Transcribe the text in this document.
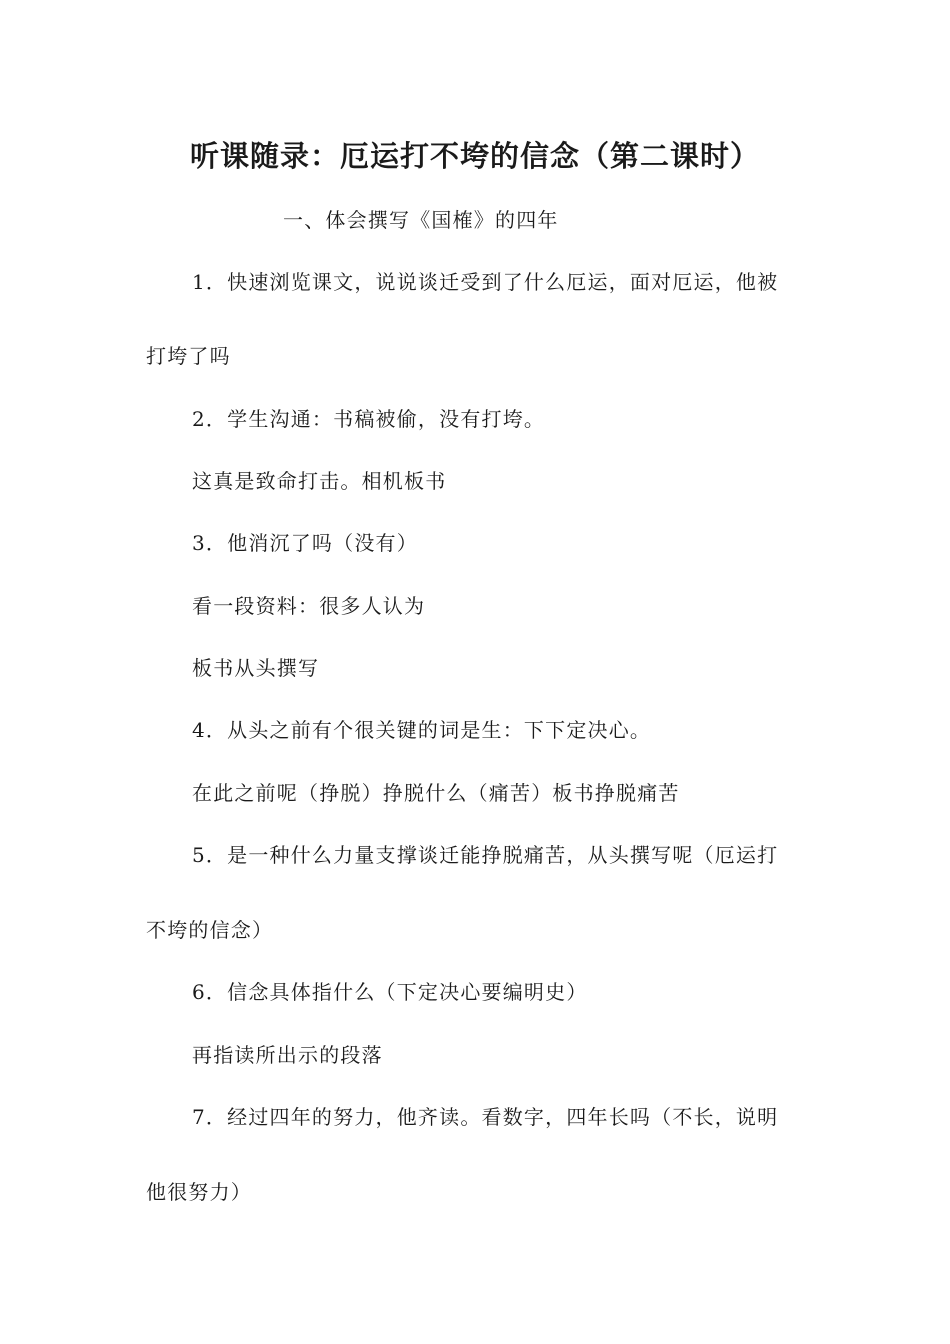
听课随录：厄运打不垮的信念（第二课时）
一、体会撰写《国榷》的四年
1．快速浏览课文，说说谈迁受到了什么厄运，面对厄运，他被
打垮了吗
2．学生沟通：书稿被偷，没有打垮。
这真是致命打击。相机板书
3．他消沉了吗（没有）
看一段资料：很多人认为
板书从头撰写
4．从头之前有个很关键的词是生：下下定决心。
在此之前呢（挣脱）挣脱什么（痛苦）板书挣脱痛苦
5．是一种什么力量支撑谈迁能挣脱痛苦，从头撰写呢（厄运打
不垮的信念）
6．信念具体指什么（下定决心要编明史）
再指读所出示的段落
7．经过四年的努力，他齐读。看数字，四年长吗（不长，说明
他很努力）
